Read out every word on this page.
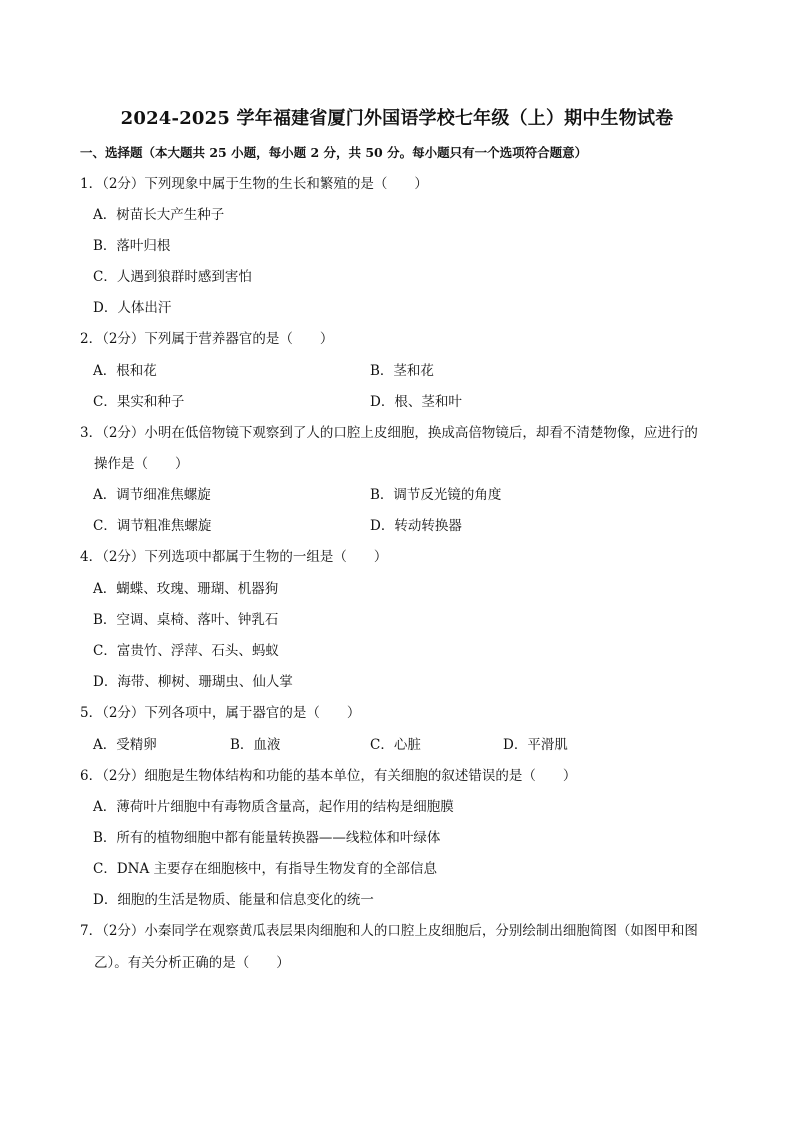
2024-2025 学年福建省厦门外国语学校七年级（上）期中生物试卷
一、选择题（本大题共 25 小题，每小题 2 分，共 50 分。每小题只有一个选项符合题意）
1．（2分）下列现象中属于生物的生长和繁殖的是（　　）
A．树苗长大产生种子
B．落叶归根
C．人遇到狼群时感到害怕
D．人体出汗
2．（2分）下列属于营养器官的是（　　）
A．根和花	B．茎和花
C．果实和种子	D．根、茎和叶
3．（2分）小明在低倍物镜下观察到了人的口腔上皮细胞，换成高倍物镜后，却看不清楚物像，应进行的
操作是（　　）
A．调节细准焦螺旋	B．调节反光镜的角度
C．调节粗准焦螺旋	D．转动转换器
4．（2分）下列选项中都属于生物的一组是（　　）
A．蝴蝶、玫瑰、珊瑚、机器狗
B．空调、桌椅、落叶、钟乳石
C．富贵竹、浮萍、石头、蚂蚁
D．海带、柳树、珊瑚虫、仙人掌
5．（2分）下列各项中，属于器官的是（　　）
A．受精卵	B．血液	C．心脏	D．平滑肌
6．（2分）细胞是生物体结构和功能的基本单位，有关细胞的叙述错误的是（　　）
A．薄荷叶片细胞中有毒物质含量高，起作用的结构是细胞膜
B．所有的植物细胞中都有能量转换器——线粒体和叶绿体
C．DNA 主要存在细胞核中，有指导生物发育的全部信息
D．细胞的生活是物质、能量和信息变化的统一
7．（2分）小秦同学在观察黄瓜表层果肉细胞和人的口腔上皮细胞后，分别绘制出细胞简图（如图甲和图
乙）。有关分析正确的是（　　）
